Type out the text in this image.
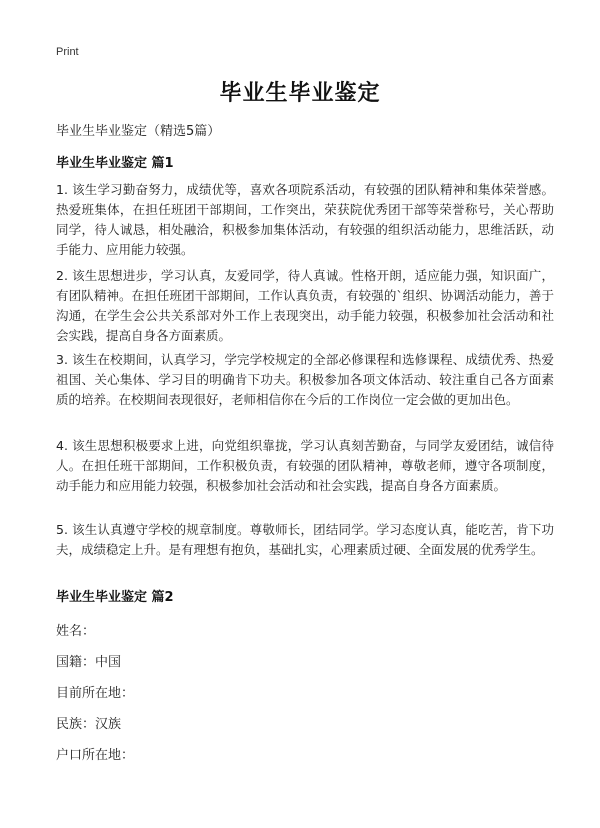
Print
毕业生毕业鉴定
毕业生毕业鉴定（精选5篇）
毕业生毕业鉴定 篇1
1. 该生学习勤奋努力，成绩优等，喜欢各项院系活动，有较强的团队精神和集体荣誉感。热爱班集体，在担任班团干部期间，工作突出，荣获院优秀团干部等荣誉称号，关心帮助同学，待人诚恳，相处融洽，积极参加集体活动，有较强的组织活动能力，思维活跃，动手能力、应用能力较强。
2. 该生思想进步，学习认真，友爱同学，待人真诚。性格开朗，适应能力强，知识面广，有团队精神。在担任班团干部期间，工作认真负责，有较强的`组织、协调活动能力，善于沟通，在学生会公共关系部对外工作上表现突出，动手能力较强，积极参加社会活动和社会实践，提高自身各方面素质。
3. 该生在校期间，认真学习，学完学校规定的全部必修课程和选修课程、成绩优秀、热爱祖国、关心集体、学习目的明确肯下功夫。积极参加各项文体活动、较注重自己各方面素质的培养。在校期间表现很好，老师相信你在今后的工作岗位一定会做的更加出色。
4. 该生思想积极要求上进，向党组织靠拢，学习认真刻苦勤奋，与同学友爱团结，诚信待人。在担任班干部期间，工作积极负责，有较强的团队精神，尊敬老师，遵守各项制度，动手能力和应用能力较强，积极参加社会活动和社会实践，提高自身各方面素质。
5. 该生认真遵守学校的规章制度。尊敬师长，团结同学。学习态度认真，能吃苦，肯下功夫，成绩稳定上升。是有理想有抱负，基础扎实，心理素质过硬、全面发展的优秀学生。
毕业生毕业鉴定 篇2
姓名：
国籍：中国
目前所在地：
民族：汉族
户口所在地：
